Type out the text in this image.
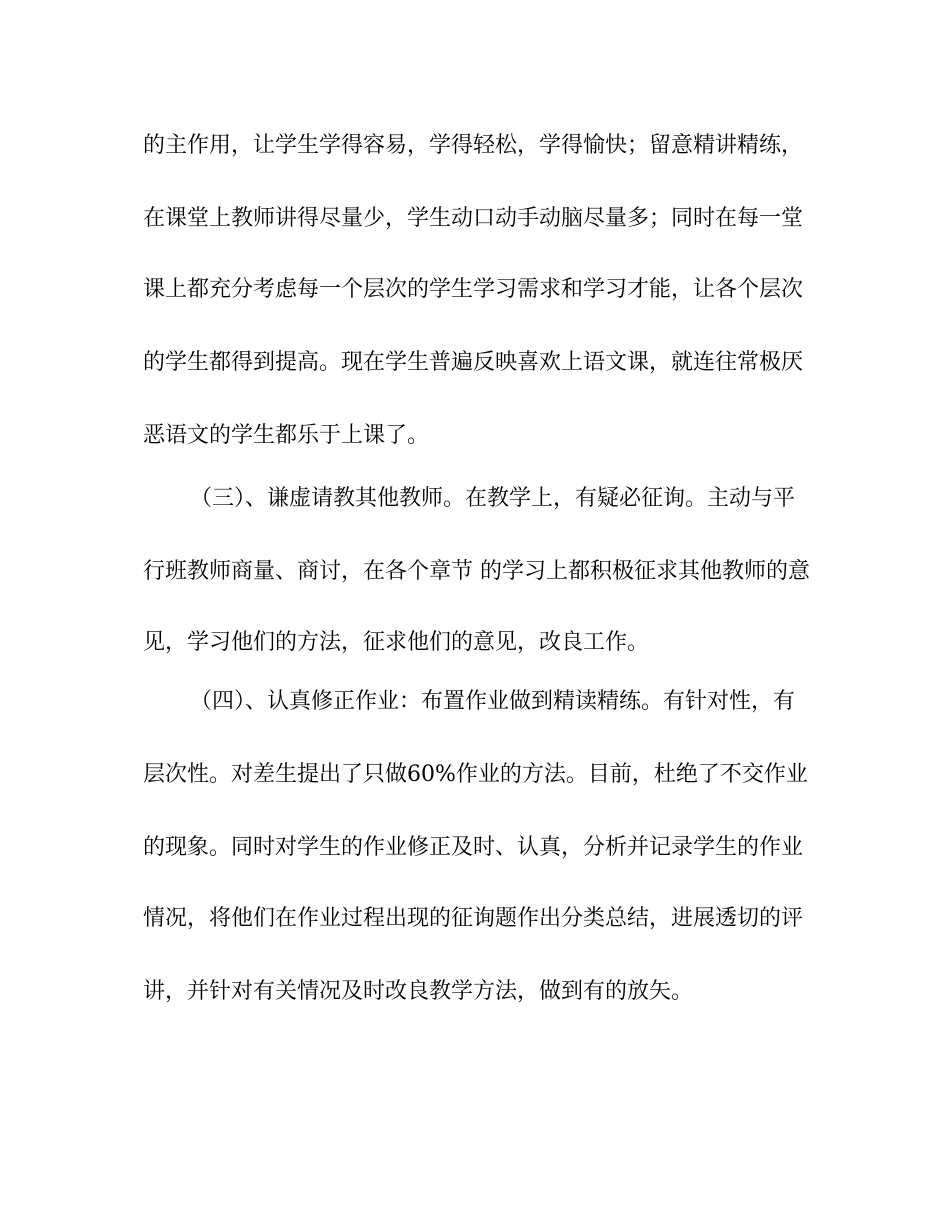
的主作用，让学生学得容易，学得轻松，学得愉快；留意精讲精练，
在课堂上教师讲得尽量少，学生动口动手动脑尽量多；同时在每一堂
课上都充分考虑每一个层次的学生学习需求和学习才能，让各个层次
的学生都得到提高。现在学生普遍反映喜欢上语文课，就连往常极厌
恶语文的学生都乐于上课了。
（三）、谦虚请教其他教师。在教学上，有疑必征询。主动与平
行班教师商量、商讨，在各个章节 的学习上都积极征求其他教师的意
见，学习他们的方法，征求他们的意见，改良工作。
（四）、认真修正作业：布置作业做到精读精练。有针对性，有
层次性。对差生提出了只做60%作业的方法。目前，杜绝了不交作业
的现象。同时对学生的作业修正及时、认真，分析并记录学生的作业
情况，将他们在作业过程出现的征询题作出分类总结，进展透切的评
讲，并针对有关情况及时改良教学方法，做到有的放矢。
